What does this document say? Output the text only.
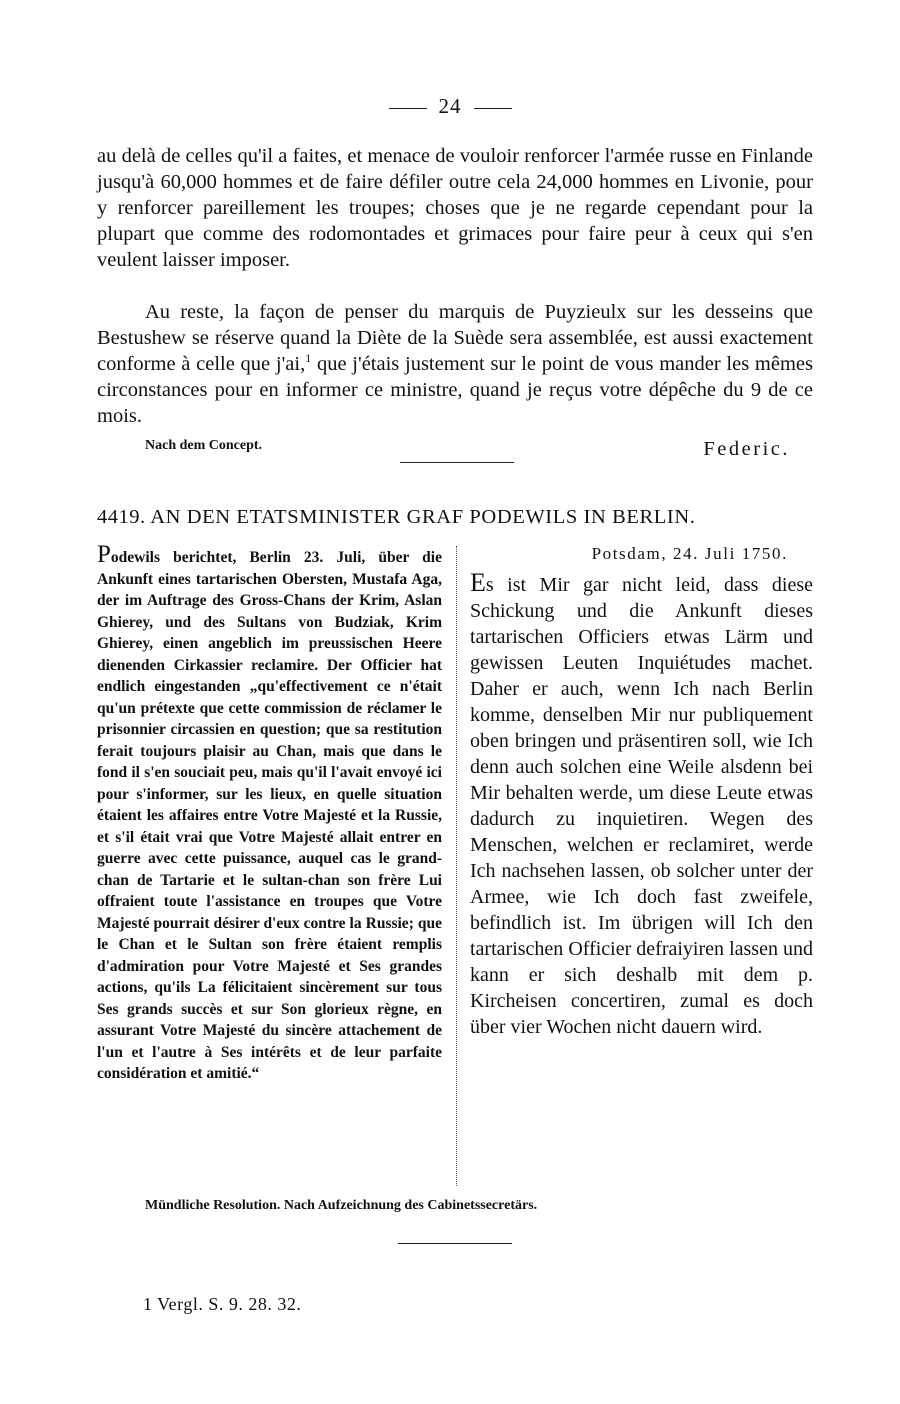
24
au delà de celles qu'il a faites, et menace de vouloir renforcer l'armée russe en Finlande jusqu'à 60,000 hommes et de faire défiler outre cela 24,000 hommes en Livonie, pour y renforcer pareillement les troupes; choses que je ne regarde cependant pour la plupart que comme des rodomontades et grimaces pour faire peur à ceux qui s'en veulent laisser imposer.
Au reste, la façon de penser du marquis de Puyzieulx sur les desseins que Bestushew se réserve quand la Diète de la Suède sera assemblée, est aussi exactement conforme à celle que j'ai,$^1$ que j'étais justement sur le point de vous mander les mêmes circonstances pour en informer ce ministre, quand je reçus votre dépêche du 9 de ce mois.
Nach dem Concept.	Federic.
4419. AN DEN ETATSMINISTER GRAF PODEWILS IN BERLIN.
Podewils berichtet, Berlin 23. Juli, über die Ankunft eines tartarischen Obersten, Mustafa Aga, der im Auftrage des Gross-Chans der Krim, Aslan Ghierey, und des Sultans von Budziak, Krim Ghierey, einen angeblich im preussischen Heere dienenden Cirkassier reclamire. Der Officier hat endlich eingestanden „qu'effectivement ce n'était qu'un prétexte que cette commission de réclamer le prisonnier circassien en question; que sa restitution ferait toujours plaisir au Chan, mais que dans le fond il s'en souciait peu, mais qu'il l'avait envoyé ici pour s'informer, sur les lieux, en quelle situation étaient les affaires entre Votre Majesté et la Russie, et s'il était vrai que Votre Majesté allait entrer en guerre avec cette puissance, auquel cas le grand-chan de Tartarie et le sultan-chan son frère Lui offraient toute l'assistance en troupes que Votre Majesté pourrait désirer d'eux contre la Russie; que le Chan et le Sultan son frère étaient remplis d'admiration pour Votre Majesté et Ses grandes actions, qu'ils La félicitaient sincèrement sur tous Ses grands succès et sur Son glorieux règne, en assurant Votre Majesté du sincère attachement de l'un et l'autre à Ses intérêts et de leur parfaite considération et amitié.“
Potsdam, 24. Juli 1750.
Es ist Mir gar nicht leid, dass diese Schickung und die Ankunft dieses tartarischen Officiers etwas Lärm und gewissen Leuten Inquiétudes machet. Daher er auch, wenn Ich nach Berlin komme, denselben Mir nur publiquement oben bringen und präsentiren soll, wie Ich denn auch solchen eine Weile alsdenn bei Mir behalten werde, um diese Leute etwas dadurch zu inquietiren. Wegen des Menschen, welchen er reclamiret, werde Ich nachsehen lassen, ob solcher unter der Armee, wie Ich doch fast zweifele, befindlich ist. Im übrigen will Ich den tartarischen Officier defraiyiren lassen und kann er sich deshalb mit dem p. Kircheisen concertiren, zumal es doch über vier Wochen nicht dauern wird.
Mündliche Resolution. Nach Aufzeichnung des Cabinetssecretärs.
1 Vergl. S. 9. 28. 32.
